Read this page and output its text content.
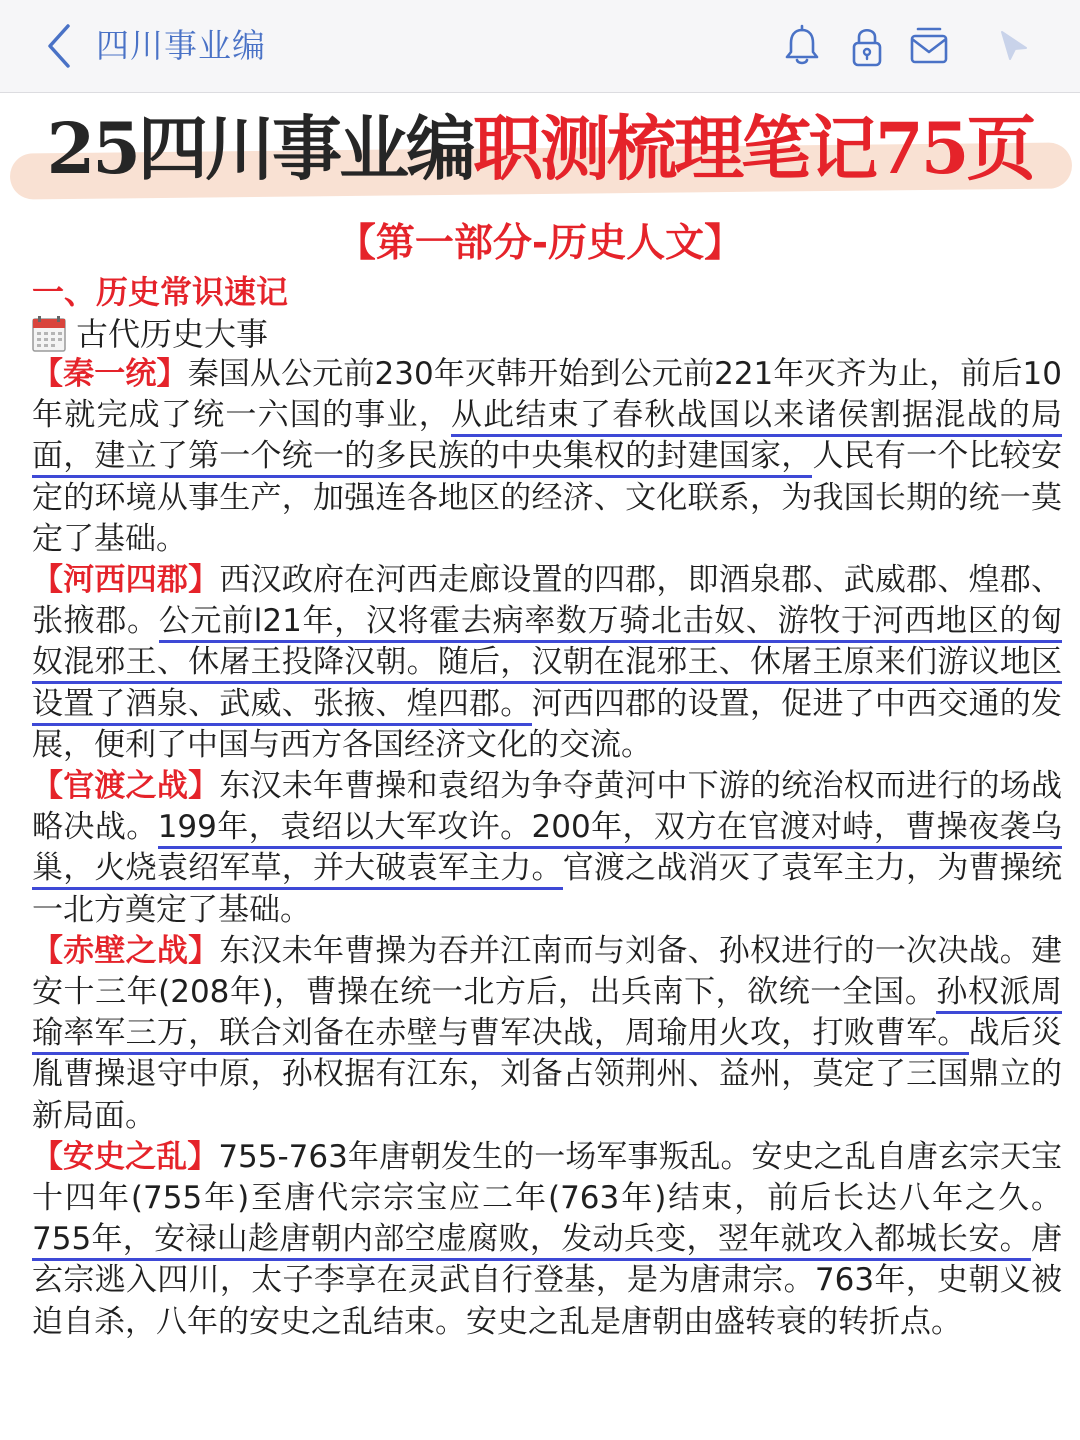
四川事业编
25四川事业编职测梳理笔记75页
【第一部分-历史人文】
一、历史常识速记
古代历史大事

【秦一统】秦国从公元前230年灭韩开始到公元前221年灭齐为止，前后10年就完成了统一六国的事业，从此结束了春秋战国以来诸侯割据混战的局面，建立了第一个统一的多民族的中央集权的封建国家，人民有一个比较安定的环境从事生产，加强连各地区的经济、文化联系，为我国长期的统一莫定了基础。

【河西四郡】西汉政府在河西走廊设置的四郡，即酒泉郡、武威郡、煌郡、张掖郡。公元前l21年，汉将霍去病率数万骑北击奴、游牧于河西地区的匈奴混邪王、休屠王投降汉朝。随后，汉朝在混邪王、休屠王原来们游议地区设置了酒泉、武威、张掖、煌四郡。河西四郡的设置，促进了中西交通的发展，便利了中国与西方各国经济文化的交流。

【官渡之战】东汉未年曹操和袁绍为争夺黄河中下游的统治权而进行的场战略决战。199年，袁绍以大军攻许。200年，双方在官渡对峙，曹操夜袭乌巢，火烧袁绍军草，并大破袁军主力。官渡之战消灭了袁军主力，为曹操统一北方奠定了基础。

【赤壁之战】东汉未年曹操为吞并江南而与刘备、孙权进行的一次决战。建安十三年(208年)，曹操在统一北方后，出兵南下，欲统一全国。孙权派周瑜率军三万，联合刘备在赤壁与曹军决战，周瑜用火攻，打败曹军。战后災胤曹操退守中原，孙权据有江东，刘备占领荆州、益州，莫定了三国鼎立的新局面。

【安史之乱】755-763年唐朝发生的一场军事叛乱。安史之乱自唐玄宗天宝十四年(755年)至唐代宗宗宝应二年(763年)结束，前后长达八年之久。755年，安禄山趁唐朝内部空虚腐败，发动兵变，翌年就攻入都城长安。唐玄宗逃入四川，太子李享在灵武自行登基，是为唐肃宗。763年，史朝义被迫自杀，八年的安史之乱结束。安史之乱是唐朝由盛转衰的转折点。
